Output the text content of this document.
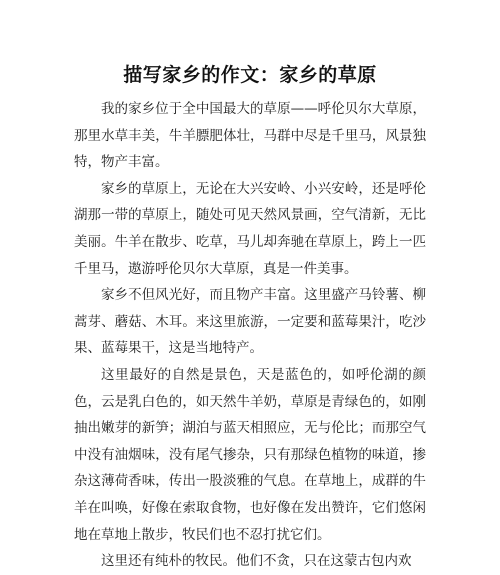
描写家乡的作文：家乡的草原

我的家乡位于全中国最大的草原——呼伦贝尔大草原，那里水草丰美，牛羊膘肥体壮，马群中尽是千里马，风景独特，物产丰富。

家乡的草原上，无论在大兴安岭、小兴安岭，还是呼伦湖那一带的草原上，随处可见天然风景画，空气清新，无比美丽。牛羊在散步、吃草，马儿却奔驰在草原上，跨上一匹千里马，遨游呼伦贝尔大草原，真是一件美事。

家乡不但风光好，而且物产丰富。这里盛产马铃薯、柳蒿芽、蘑菇、木耳。来这里旅游，一定要和蓝莓果汁，吃沙果、蓝莓果干，这是当地特产。

这里最好的自然是景色，天是蓝色的，如呼伦湖的颜色，云是乳白色的，如天然牛羊奶，草原是青绿色的，如刚抽出嫩芽的新笋；湖泊与蓝天相照应，无与伦比；而那空气中没有油烟味，没有尾气掺杂，只有那绿色植物的味道，掺杂这薄荷香味，传出一股淡雅的气息。在草地上，成群的牛羊在叫唤，好像在索取食物，也好像在发出赞许，它们悠闲地在草地上散步，牧民们也不忍打扰它们。

这里还有纯朴的牧民。他们不贪，只在这蒙古包内欢
